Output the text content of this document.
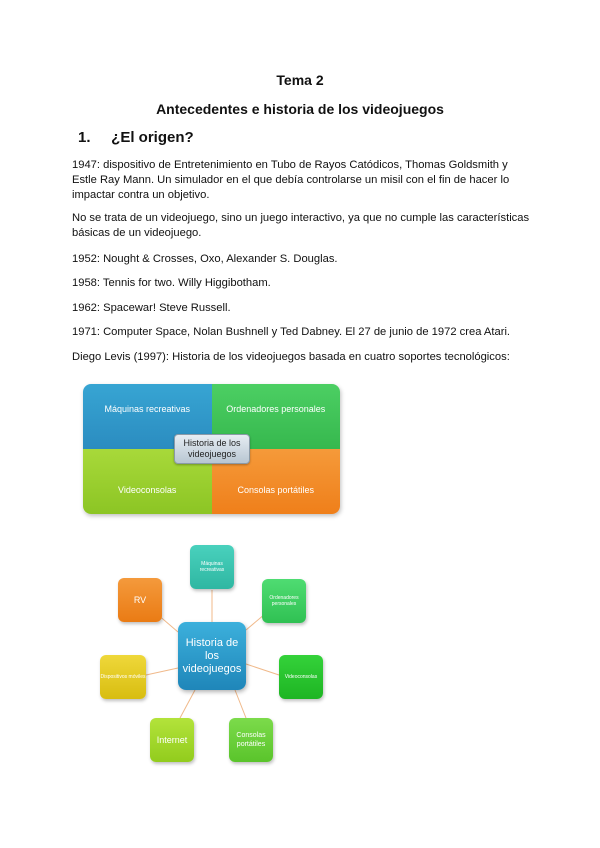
Tema 2
Antecedentes e historia de los videojuegos
1. ¿El origen?

1947: dispositivo de Entretenimiento en Tubo de Rayos Catódicos, Thomas Goldsmith y Estle Ray Mann. Un simulador en el que debía controlarse un misil con el fin de hacer lo impactar contra un objetivo.

No se trata de un videojuego, sino un juego interactivo, ya que no cumple las características básicas de un videojuego.

1952: Nought & Crosses, Oxo, Alexander S. Douglas.

1958: Tennis for two. Willy Higgibotham.

1962: Spacewar! Steve Russell.

1971: Computer Space, Nolan Bushnell y Ted Dabney. El 27 de junio de 1972 crea Atari.

Diego Levis (1997): Historia de los videojuegos basada en cuatro soportes tecnológicos:

Máquinas recreativas	Ordenadores personales
Videoconsolas	Consolas portátiles
Historia de los videojuegos
Historia de los videojuegos
Máquinas recreativas
Ordenadores personales
Videoconsolas
Consolas portátiles
Internet
Dispositivos móviles
RV
